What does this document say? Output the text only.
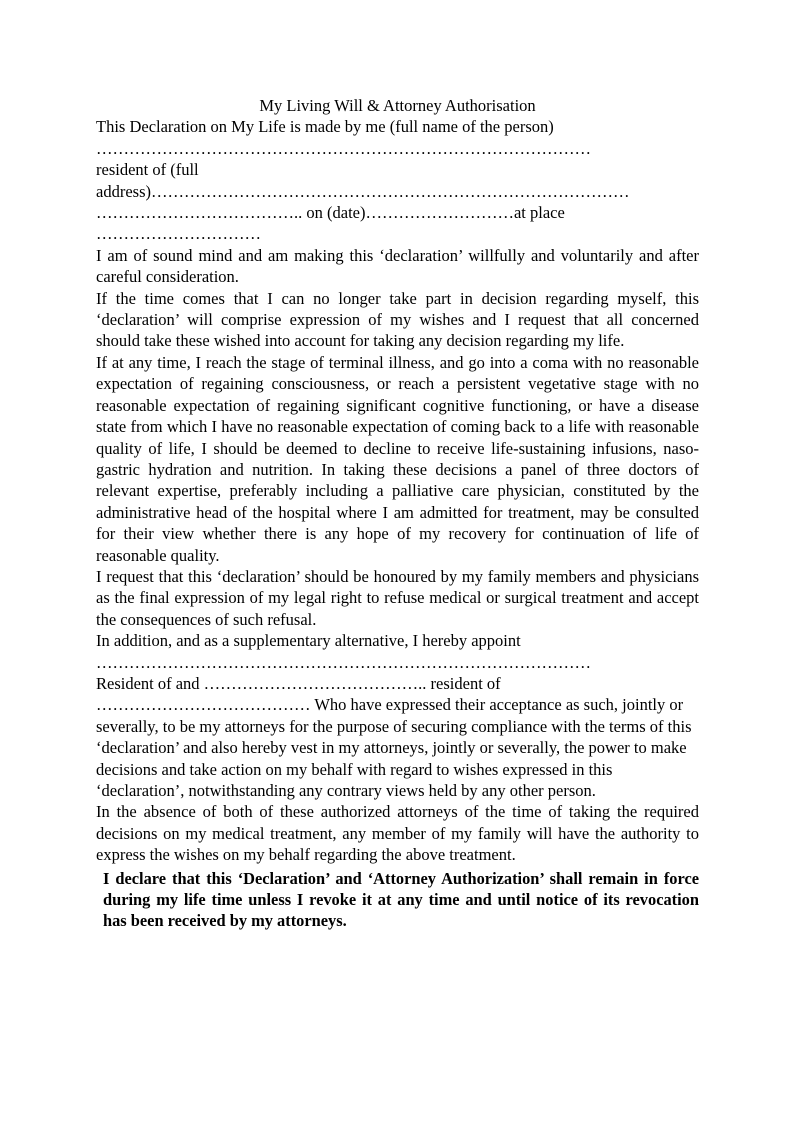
My Living Will & Attorney Authorisation

This Declaration on My Life is made by me (full name of the person)

………………………………………………………………………………

resident of (full

address)……………………………………………………………………………

……………………………….. on (date)………………………at place

…………………………

I am of sound mind and am making this ‘declaration’ willfully and voluntarily and after careful consideration.

If the time comes that I can no longer take part in decision regarding myself, this ‘declaration’ will comprise expression of my wishes and I request that all concerned should take these wished into account for taking any decision regarding my life.

If at any time, I reach the stage of terminal illness, and go into a coma with no reasonable expectation of regaining consciousness, or reach a persistent vegetative stage with no reasonable expectation of regaining significant cognitive functioning, or have a disease state from which I have no reasonable expectation of coming back to a life with reasonable quality of life, I should be deemed to decline to receive life-sustaining infusions, naso-gastric hydration and nutrition. In taking these decisions a panel of three doctors of relevant expertise, preferably including a palliative care physician, constituted by the administrative head of the hospital where I am admitted for treatment, may be consulted for their view whether there is any hope of my recovery for continuation of life of reasonable quality.

I request that this ‘declaration’ should be honoured by my family members and physicians as the final expression of my legal right to refuse medical or surgical treatment and accept the consequences of such refusal.

In addition, and as a supplementary alternative, I hereby appoint

………………………………………………………………………………

Resident of and ………………………………….. resident of

………………………………… Who have expressed their acceptance as such, jointly or severally, to be my attorneys for the purpose of securing compliance with the terms of this ‘declaration’ and also hereby vest in my attorneys, jointly or severally, the power to make decisions and take action on my behalf with regard to wishes expressed in this ‘declaration’, notwithstanding any contrary views held by any other person.

In the absence of both of these authorized attorneys of the time of taking the required decisions on my medical treatment, any member of my family will have the authority to express the wishes on my behalf regarding the above treatment.

I declare that this ‘Declaration’ and ‘Attorney Authorization’ shall remain in force during my life time unless I revoke it at any time and until notice of its revocation has been received by my attorneys.
